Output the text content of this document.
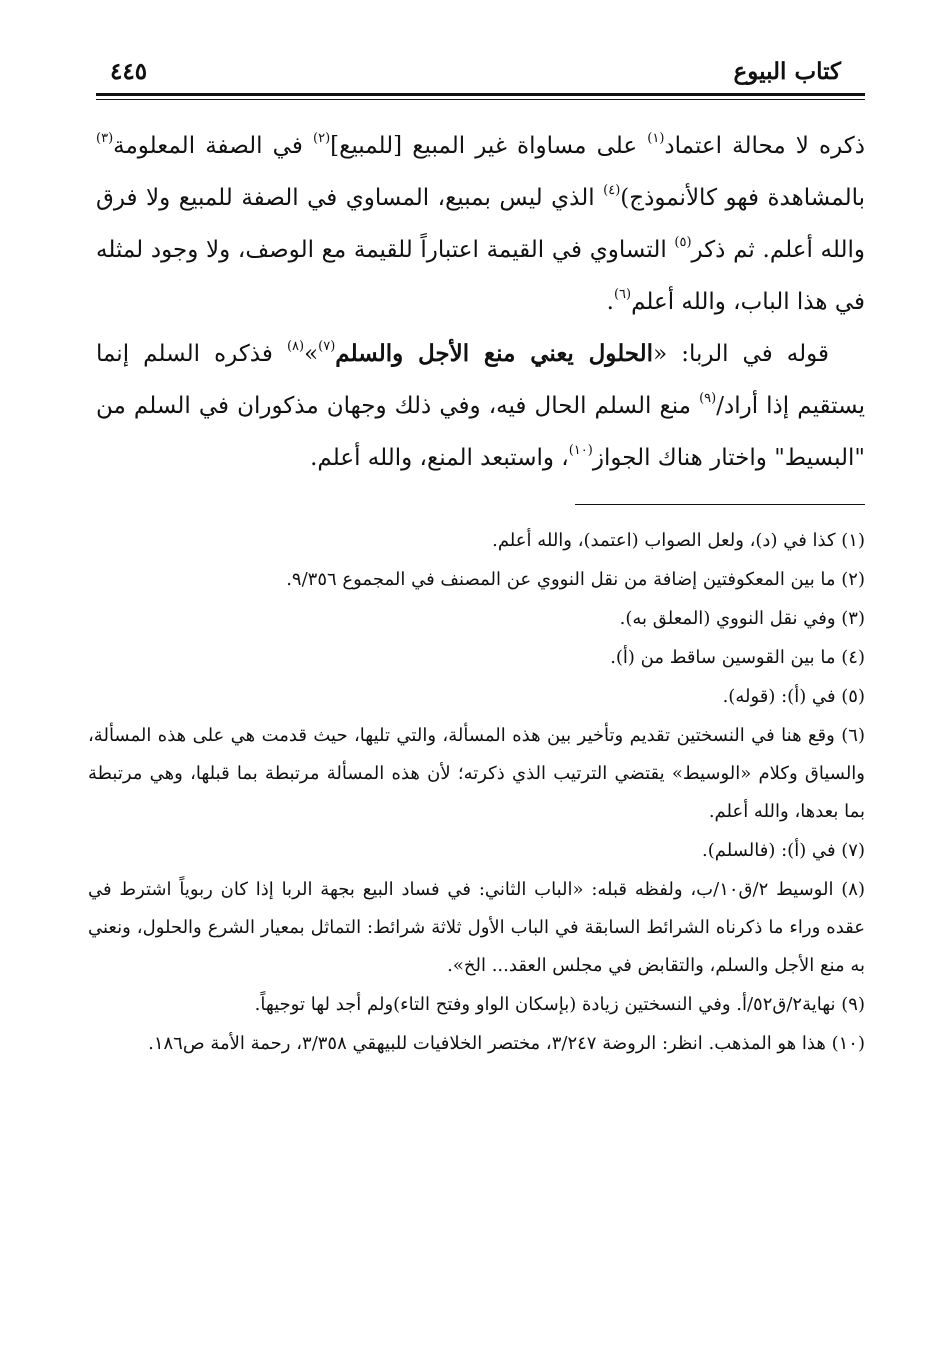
كتاب البيوع
٤٤٥

ذكره لا محالة اعتماد$^{(١)}$ على مساواة غير المبيع [للمبيع]$^{(٢)}$ في الصفة المعلومة$^{(٣)}$ بالمشاهدة فهو كالأنموذج)$^{(٤)}$ الذي ليس بمبيع، المساوي في الصفة للمبيع ولا فرق والله أعلم. ثم ذكر$^{(٥)}$ التساوي في القيمة اعتباراً للقيمة مع الوصف، ولا وجود لمثله في هذا الباب، والله أعلم$^{(٦)}$.

قوله في الربا: «الحلول يعني منع الأجل والسلم$^{(٧)}$»$^{(٨)}$ فذكره السلم إنما يستقيم إذا أراد/$^{(٩)}$ منع السلم الحال فيه، وفي ذلك وجهان مذكوران في السلم من "البسيط" واختار هناك الجواز$^{(١٠)}$، واستبعد المنع، والله أعلم.

(١) كذا في (د)، ولعل الصواب (اعتمد)، والله أعلم.

(٢) ما بين المعكوفتين إضافة من نقل النووي عن المصنف في المجموع ٩/٣٥٦.

(٣) وفي نقل النووي (المعلق به).

(٤) ما بين القوسين ساقط من (أ).

(٥) في (أ): (قوله).

(٦) وقع هنا في النسختين تقديم وتأخير بين هذه المسألة، والتي تليها، حيث قدمت هي على هذه المسألة، والسياق وكلام «الوسيط» يقتضي الترتيب الذي ذكرته؛ لأن هذه المسألة مرتبطة بما قبلها، وهي مرتبطة بما بعدها، والله أعلم.

(٧) في (أ): (فالسلم).

(٨) الوسيط ٢/ق١٠/ب، ولفظه قبله: «الباب الثاني: في فساد البيع بجهة الربا إذا كان ربوياً اشترط في عقده وراء ما ذكرناه الشرائط السابقة في الباب الأول ثلاثة شرائط: التماثل بمعيار الشرع والحلول، ونعني به منع الأجل والسلم، والتقابض في مجلس العقد... الخ».

(٩) نهاية٢/ق٥٢/أ. وفي النسختين زيادة (بإسكان الواو وفتح التاء)ولم أجد لها توجيهاً.

(١٠) هذا هو المذهب. انظر: الروضة ٣/٢٤٧، مختصر الخلافيات للبيهقي ٣/٣٥٨، رحمة الأمة ص١٨٦.
